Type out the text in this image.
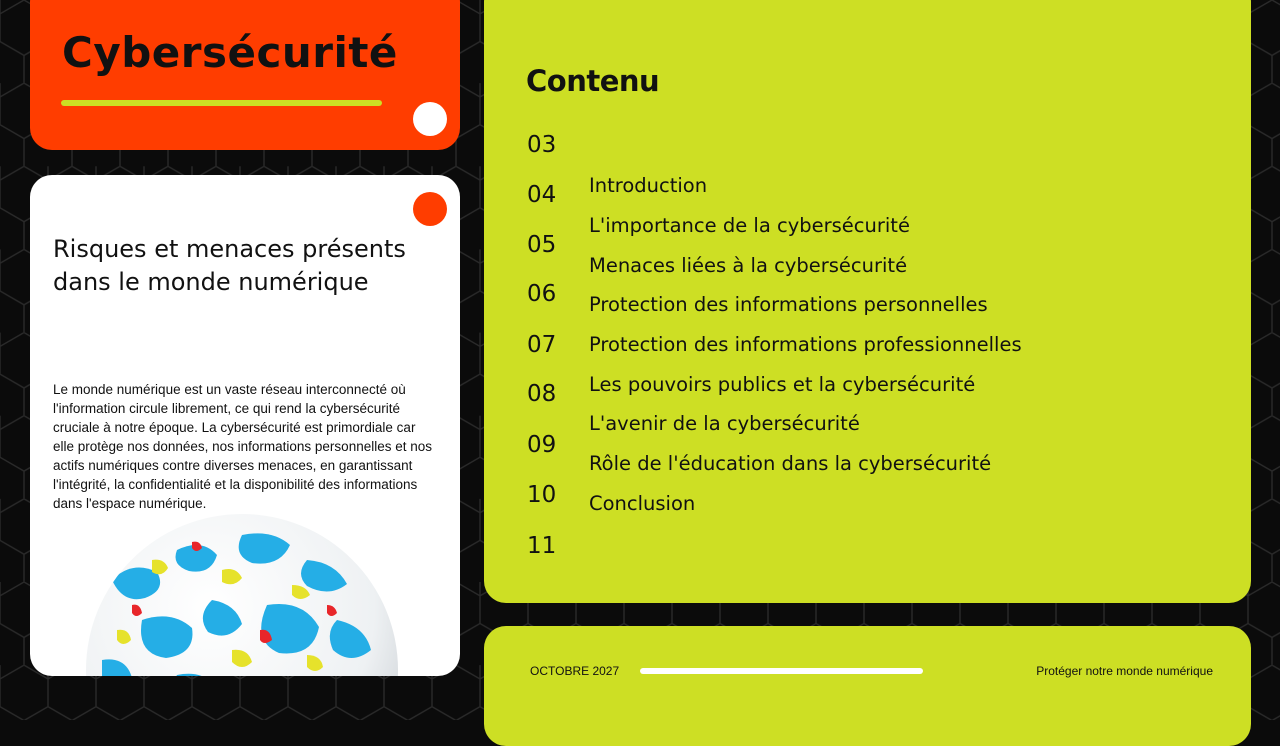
Cybersécurité
Risques et menaces présents dans le monde numérique

Le monde numérique est un vaste réseau interconnecté où l'information circule librement, ce qui rend la cybersécurité cruciale à notre époque. La cybersécurité est primordiale car elle protège nos données, nos informations personnelles et nos actifs numériques contre diverses menaces, en garantissant l'intégrité, la confidentialité et la disponibilité des informations dans l'espace numérique.

Contenu
03
04
05
06
07
08
09
10
11
Introduction
L'importance de la cybersécurité
Menaces liées à la cybersécurité
Protection des informations personnelles
Protection des informations professionnelles
Les pouvoirs publics et la cybersécurité
L'avenir de la cybersécurité
Rôle de l'éducation dans la cybersécurité
Conclusion
OCTOBRE 2027	Protéger notre monde numérique
